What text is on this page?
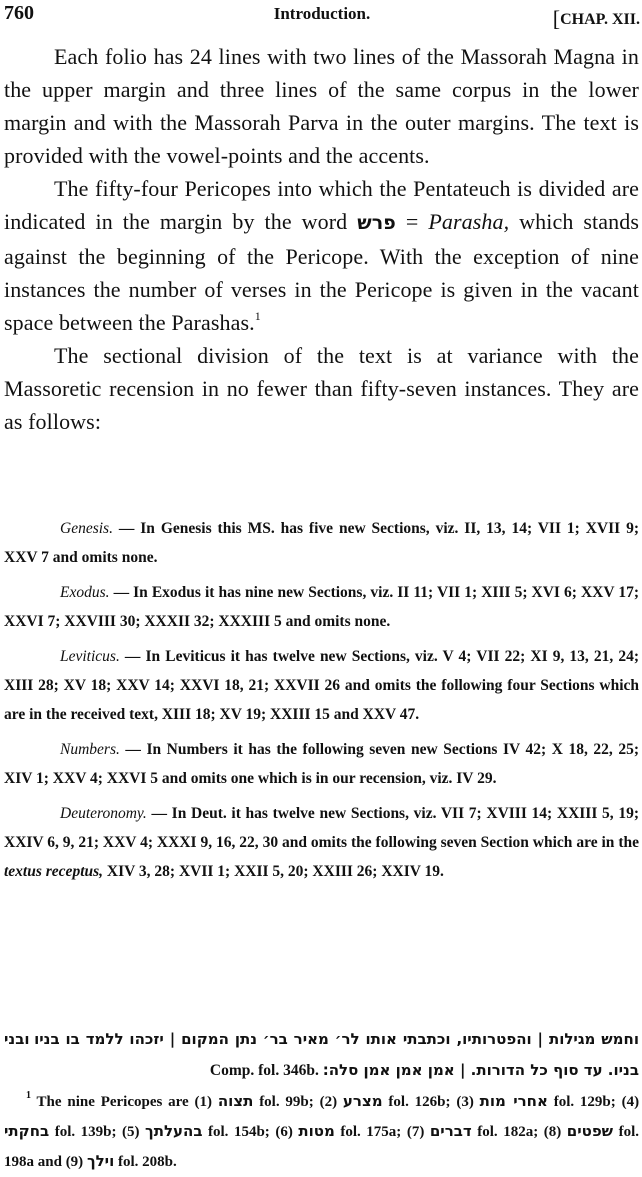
760	Introduction.	[CHAP. XII.

Each folio has 24 lines with two lines of the Massorah Magna in the upper margin and three lines of the same corpus in the lower margin and with the Massorah Parva in the outer margins. The text is provided with the vowel-points and the accents.

The fifty-four Pericopes into which the Pentateuch is divided are indicated in the margin by the word פרש = Parasha, which stands against the beginning of the Pericope. With the exception of nine instances the number of verses in the Pericope is given in the vacant space between the Parashas.$^1$

The sectional division of the text is at variance with the Massoretic recension in no fewer than fifty-seven instances. They are as follows:

Genesis. — In Genesis this MS. has five new Sections, viz. II, 13, 14; VII 1; XVII 9; XXV 7 and omits none.

Exodus. — In Exodus it has nine new Sections, viz. II 11; VII 1; XIII 5; XVI 6; XXV 17; XXVI 7; XXVIII 30; XXXII 32; XXXIII 5 and omits none.

Leviticus. — In Leviticus it has twelve new Sections, viz. V 4; VII 22; XI 9, 13, 21, 24; XIII 28; XV 18; XXV 14; XXVI 18, 21; XXVII 26 and omits the following four Sections which are in the received text, XIII 18; XV 19; XXIII 15 and XXV 47.

Numbers. — In Numbers it has the following seven new Sections IV 42; X 18, 22, 25; XIV 1; XXV 4; XXVI 5 and omits one which is in our recension, viz. IV 29.

Deuteronomy. — In Deut. it has twelve new Sections, viz. VII 7; XVIII 14; XXIII 5, 19; XXIV 6, 9, 21; XXV 4; XXXI 9, 16, 22, 30 and omits the following seven Section which are in the textus receptus, XIV 3, 28; XVII 1; XXII 5, 20; XXIII 26; XXIV 19.

וחמש מגילות | והפטרותיו, וכתבתי אותו לר׳ מאיר בר׳ נתן המקום | יזכהו ללמד בו בניו ובני בניו. עד סוף כל הדורות. | אמן אמן אמן סלה: Comp. fol. 346b.
$^1$ The nine Pericopes are (1) תצוה fol. 99b; (2) מצרע fol. 126b; (3) אחרי מות fol. 129b; (4) בחקתי fol. 139b; (5) בהעלתך fol. 154b; (6) מטות fol. 175a; (7) דברים fol. 182a; (8) שפטים fol. 198a and (9) וילך fol. 208b.
